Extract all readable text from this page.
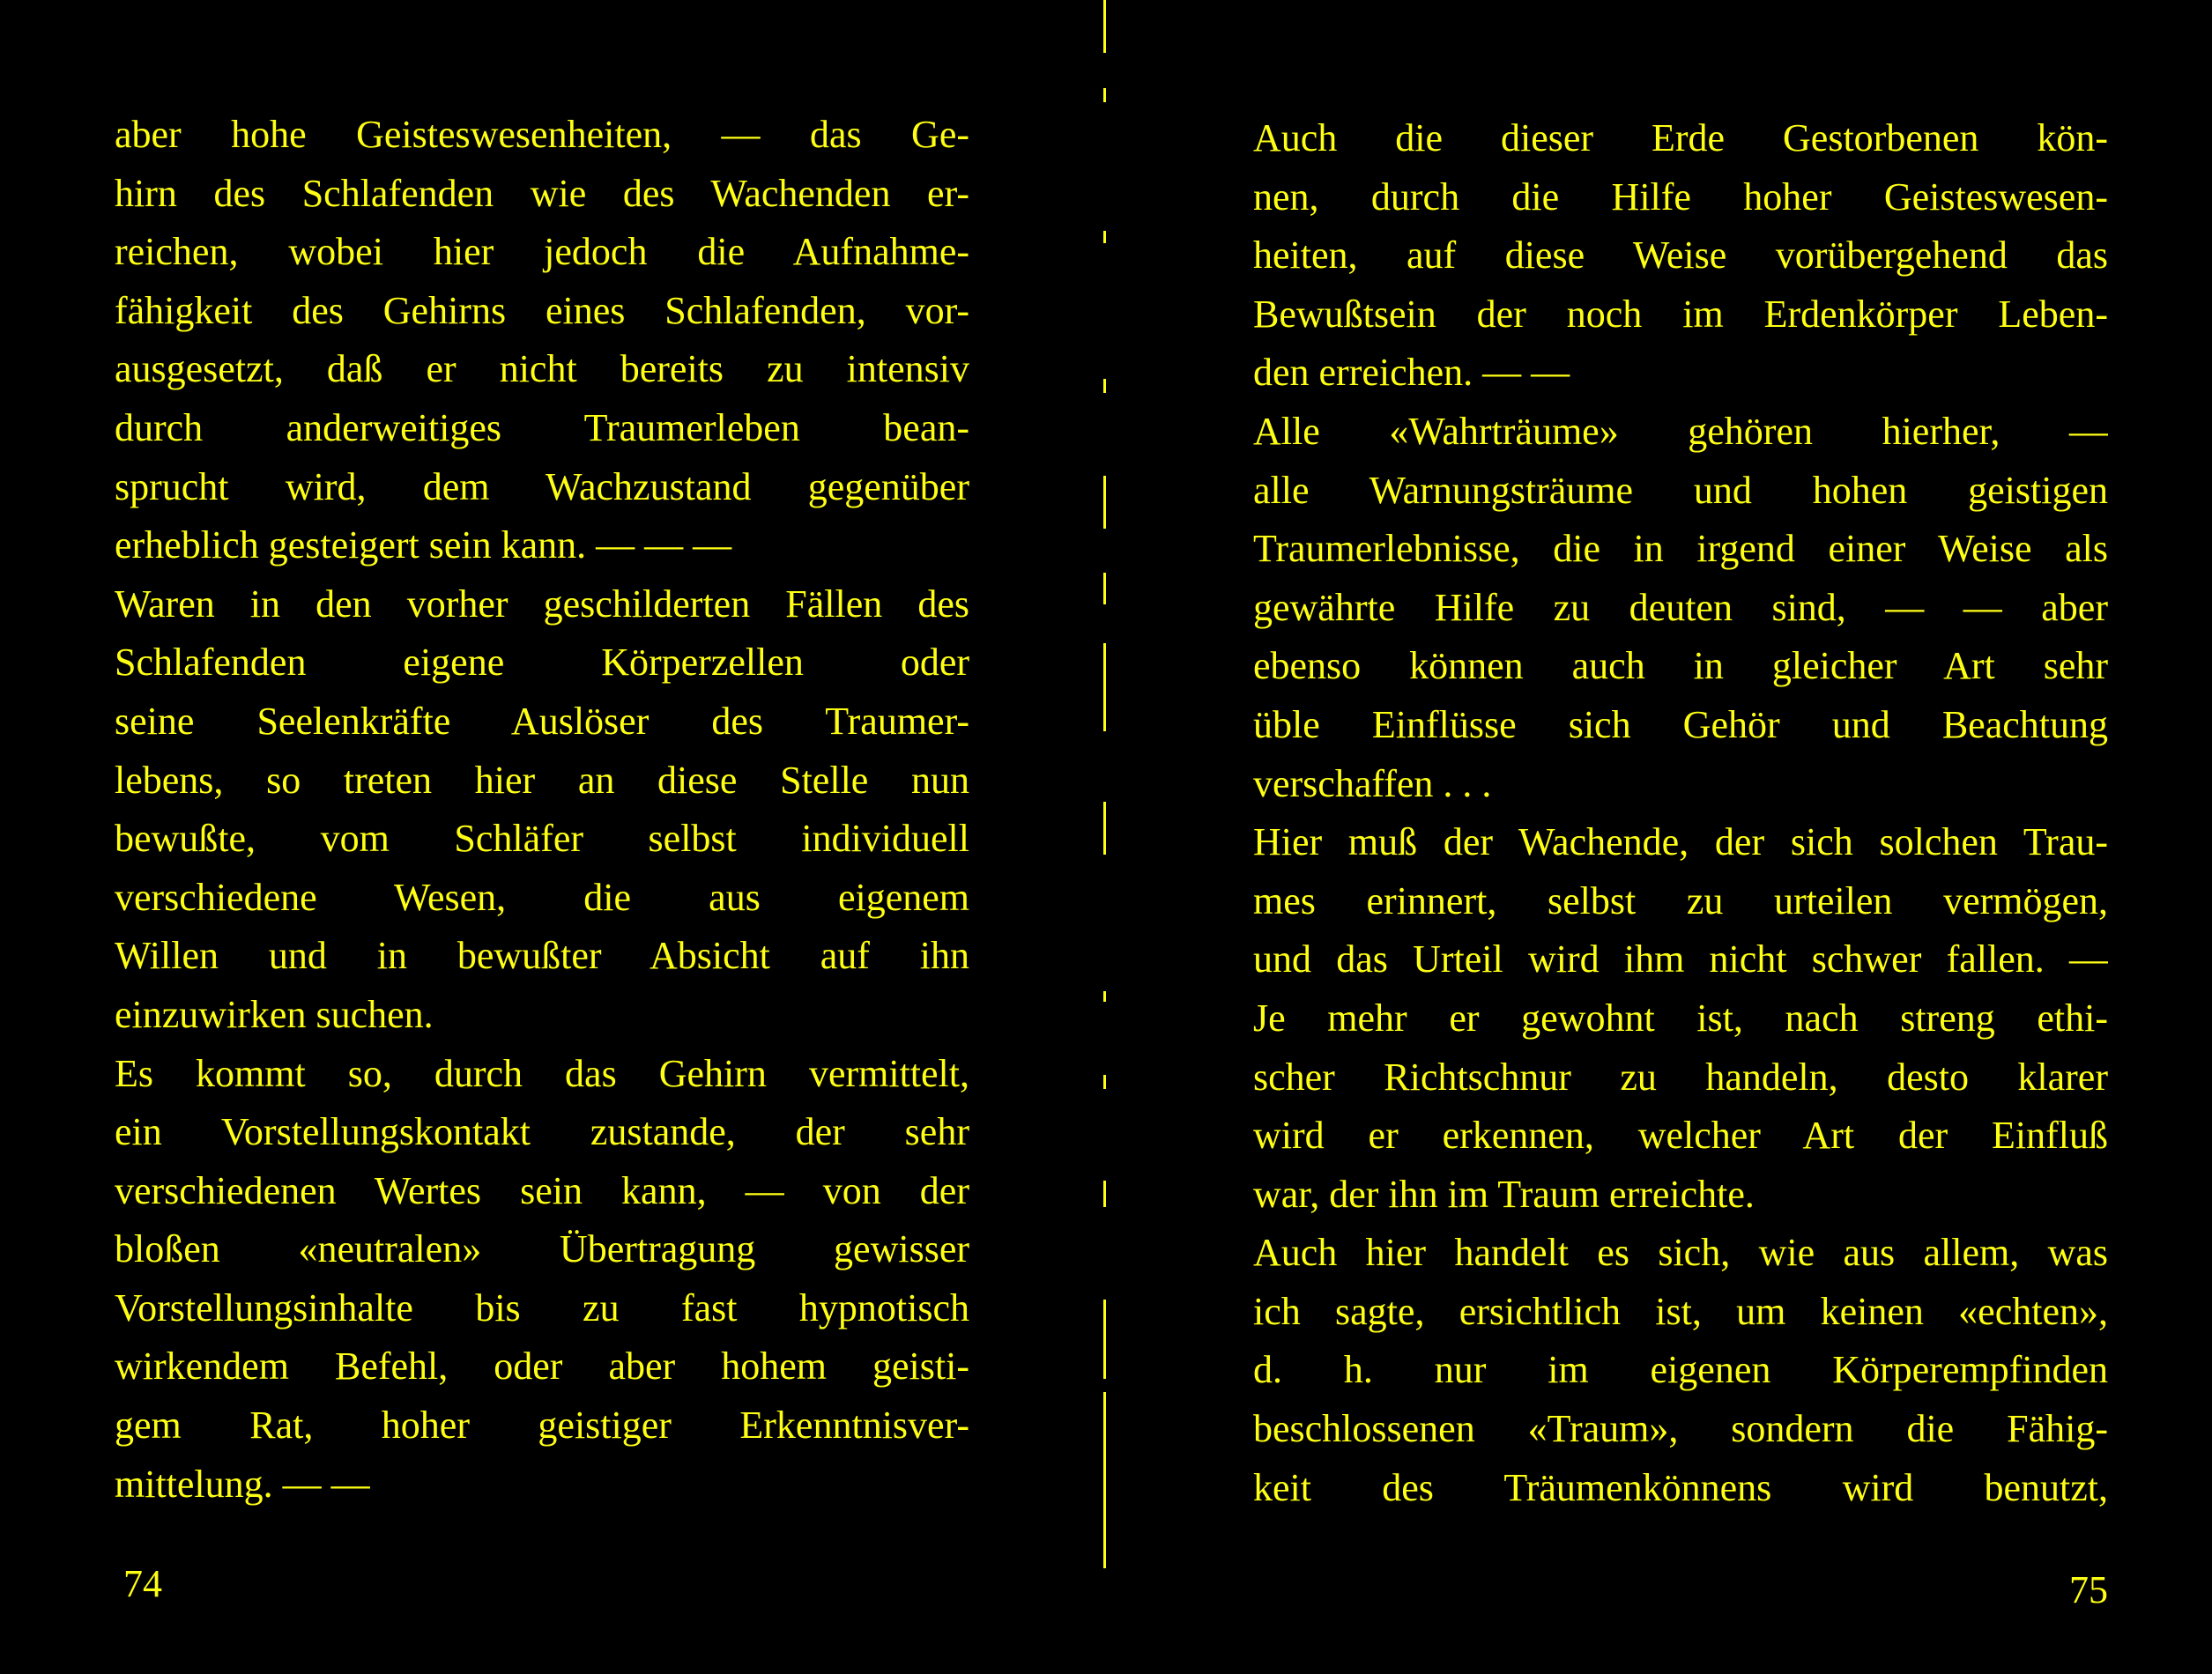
aber hohe Geisteswesenheiten, — das Ge-
hirn des Schlafenden wie des Wachenden er-
reichen, wobei hier jedoch die Aufnahme-
fähigkeit des Gehirns eines Schlafenden, vor-
ausgesetzt, daß er nicht bereits zu intensiv
durch anderweitiges Traumerleben bean-
sprucht wird, dem Wachzustand gegenüber
erheblich gesteigert sein kann. — — —
Waren in den vorher geschilderten Fällen des
Schlafenden eigene Körperzellen oder
seine Seelenkräfte Auslöser des Traumer-
lebens, so treten hier an diese Stelle nun
bewußte, vom Schläfer selbst individuell
verschiedene Wesen, die aus eigenem
Willen und in bewußter Absicht auf ihn
einzuwirken suchen.
Es kommt so, durch das Gehirn vermittelt,
ein Vorstellungskontakt zustande, der sehr
verschiedenen Wertes sein kann, — von der
bloßen «neutralen» Übertragung gewisser
Vorstellungsinhalte bis zu fast hypnotisch
wirkendem Befehl, oder aber hohem geisti-
gem Rat, hoher geistiger Erkenntnisver-
mittelung. — —
74
Auch die dieser Erde Gestorbenen kön-
nen, durch die Hilfe hoher Geisteswesen-
heiten, auf diese Weise vorübergehend das
Bewußtsein der noch im Erdenkörper Leben-
den erreichen. — —
Alle «Wahrträume» gehören hierher, —
alle Warnungsträume und hohen geistigen
Traumerlebnisse, die in irgend einer Weise als
gewährte Hilfe zu deuten sind, — — aber
ebenso können auch in gleicher Art sehr
üble Einflüsse sich Gehör und Beachtung
verschaffen . . .
Hier muß der Wachende, der sich solchen Trau-
mes erinnert, selbst zu urteilen vermögen,
und das Urteil wird ihm nicht schwer fallen. —
Je mehr er gewohnt ist, nach streng ethi-
scher Richtschnur zu handeln, desto klarer
wird er erkennen, welcher Art der Einfluß
war, der ihn im Traum erreichte.
Auch hier handelt es sich, wie aus allem, was
ich sagte, ersichtlich ist, um keinen «echten»,
d. h. nur im eigenen Körperempfinden
beschlossenen «Traum», sondern die Fähig-
keit des Träumenkönnens wird benutzt,
75
